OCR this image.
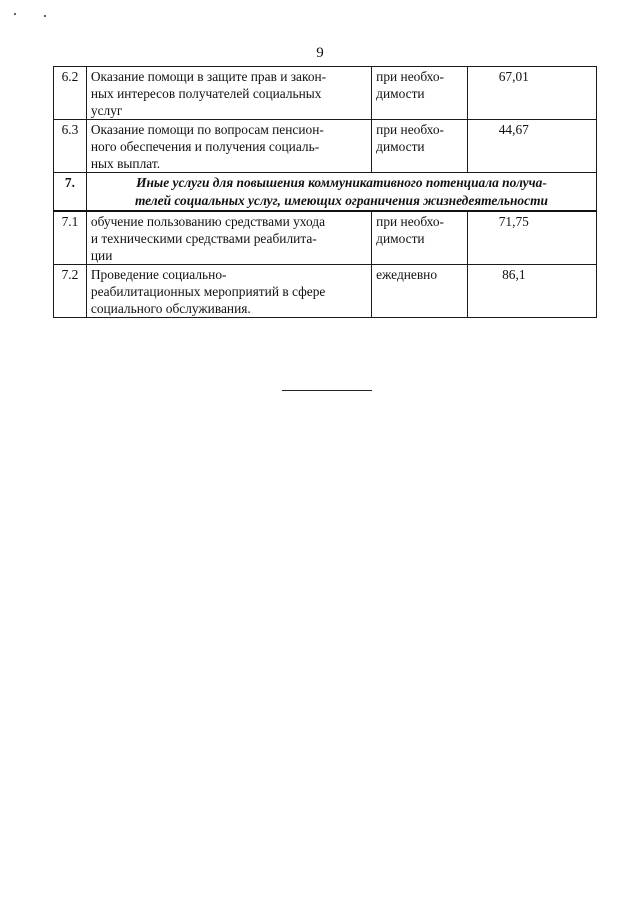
9
6.2	Оказание помощи в защите прав и закон-
ных интересов получателей социальных
услуг	при необхо-
димости	67,01
6.3	Оказание помощи по вопросам пенсион-
ного обеспечения и получения социаль-
ных выплат.	при необхо-
димости	44,67
7.	Иные услуги для повышения коммуникативного потенциала получа-
телей социальных услуг, имеющих ограничения жизнедеятельности		

7.1	обучение пользованию средствами ухода
и техническими средствами реабилита-
ции	при необхо-
димости	71,75
7.2	Проведение социально-
реабилитационных мероприятий в сфере
социального обслуживания.	ежедневно	86,1
